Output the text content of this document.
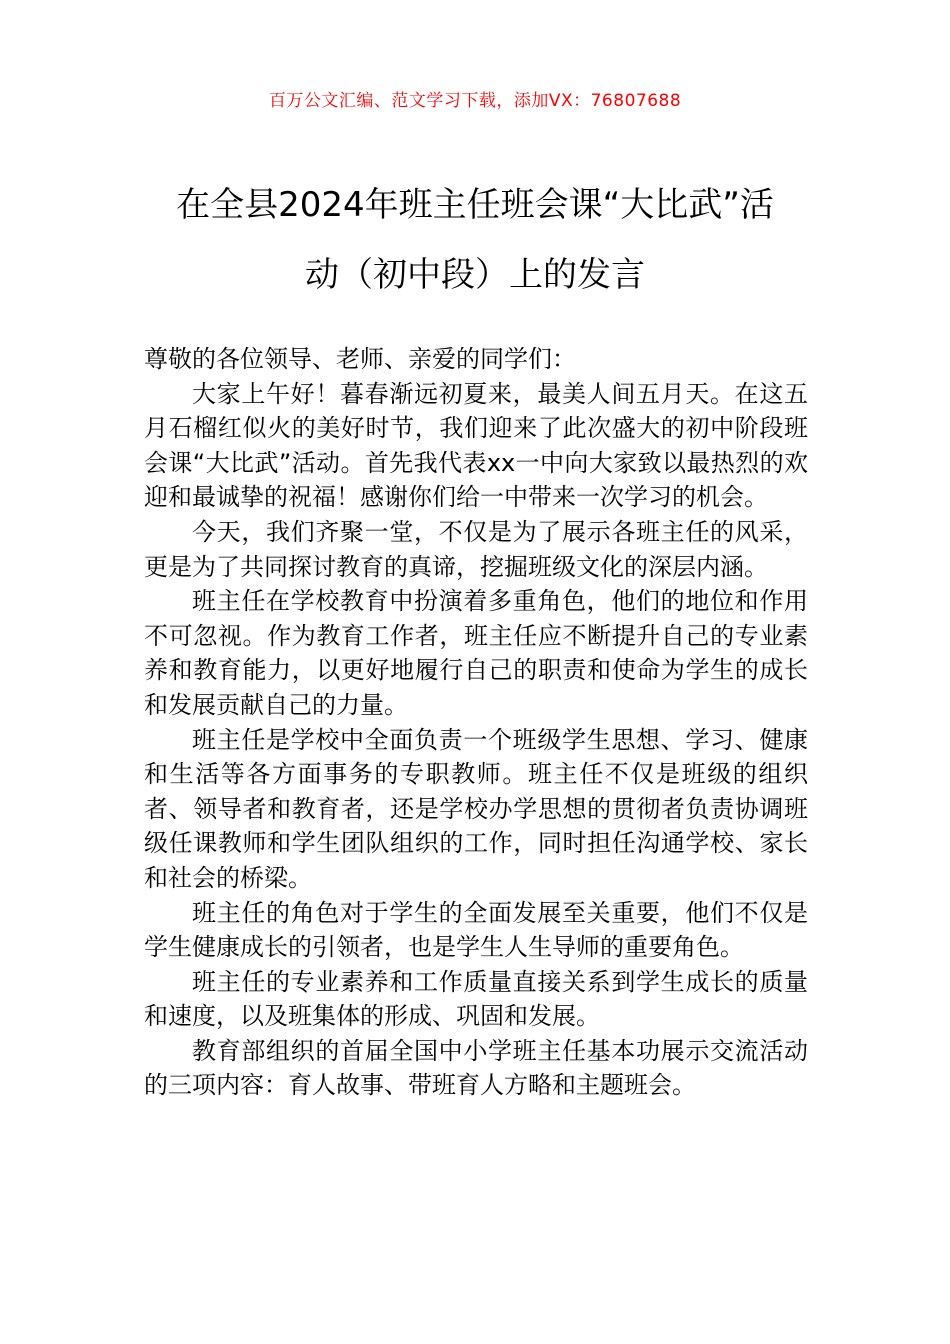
百万公文汇编、范文学习下载，添加VX：76807688
在全县2024年班主任班会课“大比武”活
动（初中段）上的发言

尊敬的各位领导、老师、亲爱的同学们：

大家上午好！暮春渐远初夏来，最美人间五月天。在这五月石榴红似火的美好时节，我们迎来了此次盛大的初中阶段班会课“大比武”活动。首先我代表xx一中向大家致以最热烈的欢迎和最诚挚的祝福！感谢你们给一中带来一次学习的机会。

今天，我们齐聚一堂，不仅是为了展示各班主任的风采，更是为了共同探讨教育的真谛，挖掘班级文化的深层内涵。

班主任在学校教育中扮演着多重角色，他们的地位和作用不可忽视。作为教育工作者，班主任应不断提升自己的专业素养和教育能力，以更好地履行自己的职责和使命为学生的成长和发展贡献自己的力量。

班主任是学校中全面负责一个班级学生思想、学习、健康和生活等各方面事务的专职教师。班主任不仅是班级的组织者、领导者和教育者，还是学校办学思想的贯彻者负责协调班级任课教师和学生团队组织的工作，同时担任沟通学校、家长和社会的桥梁。

班主任的角色对于学生的全面发展至关重要，他们不仅是学生健康成长的引领者，也是学生人生导师的重要角色。

班主任的专业素养和工作质量直接关系到学生成长的质量和速度，以及班集体的形成、巩固和发展。

教育部组织的首届全国中小学班主任基本功展示交流活动的三项内容：育人故事、带班育人方略和主题班会。
